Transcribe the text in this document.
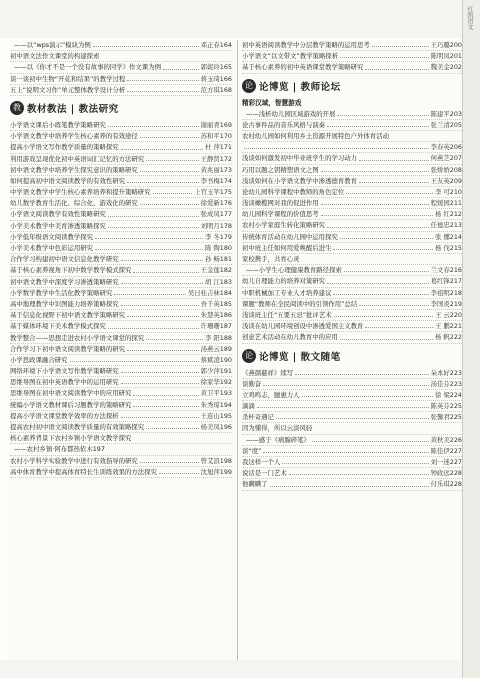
红凯语文
——以“wps演示”模块为例	邓正春164
初中语文法作文课堂的构建探索
——以《你才不是一个没有故事的同学》作文课为例	郭妮玲165
谈一谈初中生物“开花和结果”的教学过程	蒋玉琦166
五上“说明文习作”单元整体教学设计分析	范方琪168
教 教材教法 | 教法研究
小学语文课后小练笔教学策略研究	谢丽青169
小学语文教学中培养学生核心素养的有效途径	苏和平170
提高小学语文写作教学质量的策略探究	杜 萍171
利用游戏呈现优化初中英语词汇记忆的方法研究	王静贤172
初中语文教学中培养学生探究意识的策略研究	黄兆丽173
如何提高初中语文阅读教学的有效性研究	李书梅174
中学语文教学中学生核心素养培养和提升策略研究	上官玉苹175
幼儿数学教育生活化、综合化、游戏化的研究	徐爱新176
小学语文阅读教学有效性策略研究	张成凤177
小学美术教学中美育渗透策略探究	刘明月178
小学低年级语文阅读教学探究	李 冬179
小学美术教学中色彩运用研究	陈 陶180
合作学习构建初中语文信息化教学研究	孙 畅181
基于核心素养视角下初中数学教学模式探究	王金莲182
初中语文教学中深度学习渗透策略研究	胡 江183
小学数学教学中生活化教学策略研究	吴日桂吉林184
高中地理教学中识图能力培养策略探究	吾千英185
基于信息化视野下初中语文教学策略研究	朱慧英186
基于媒体环境下美术教学模式探究	许珊珊187
教学整合——思想走进农村小学语文课堂的探究	李 阳188
合作学习下初中语文阅读教学策略的研究	汤燕云189
小学思政课融合研究	蔡斌凌190
网络环境下小学语文写作教学策略研究	郭少萍191
思维导图在初中英语教学中的运用研究	徐家华192
思维导图在初中语文阅读教学中的应用研究	黄卫平193
统编小学语文教材课后习题教学的策略研究	朱秀琼194
提高小学语文课堂教学效率的方法探析	王连山195
提高农村初中语文阅读教学质量的有效策略探究	杨美凤196
核心素养背景下农村乡镇小学语文教学探究
——农村乡镇·阿布都热依木197
农村小学科学实验教学中进行有效指导的研究	曾艾浪198
高中体育教学中提高体育特长生训练效果的方法探究	沈旭萍199
初中英语阅读教学中分层教学策略的运用思考	王巧璐200
小学语文“以文带文”教学策略探析	陈明凤201
基于核心素养的初中英语课堂教学策略研究	魏美金202
论 论博览 | 教师论坛
精彩汉域，智慧游戏
——浅析幼儿园区域游戏的开展	陈建平203
论古事件品的音乐风格与演奏	张兰清205
农村幼儿园如何利用乡土资源开展特色户外体育活动
李春英206
浅谈如何激发初中毕业班学生的学习动力	何燕芝207
巧用以题之钥精塑语文之图	张娇娇208
浅谈如何在小学语文教学中渗透德育教育	王友英209
论幼儿园科学课程中教师的角色定位	李 可210
浅谈橄榄网对我的促进作用	程媛园211
幼儿园科学课程的价值思考	杨 红212
农村小学家庭生转化策略研究	任德忠213
传统体育活动在幼儿园中运用探究	张 娜214
初中班主任如何用爱唤醒后进生	杨 伐215
家校携手，共育心灵
——小学生心理健康教育路径探索	兰文春216
幼儿自理能力的培养对策研究	葛红锋217
中职机械加工专业人才培养建议	李祖明218
课题“教师在全民阅读中的引领作用”总结	李国炎219
浅谈班主任“五要五忌”批评艺术	王 云220
浅谈在幼儿园环境创设中渗透爱国主义教育	王 鹏221
创意艺术活动在幼儿教育中的应用	杨 帆222
论 论博览 | 散文随笔
《燕颜慈祥》续写	朵本好223
谈勤奋	汤佳芬223
立鸡鸣志，臆惠力人	徐 梁224
滴滴	陈英芬225
杀杯奇遇记	张馨君225
因为懂得，所以云淡风轻
——感于《病腺碎笔》	黄秋美226
谈“度”	陈佳伊227
我这样一个人	刘一迷227
说话是一门艺术	钟政远228
他瞒瞒了	付乐琪228
